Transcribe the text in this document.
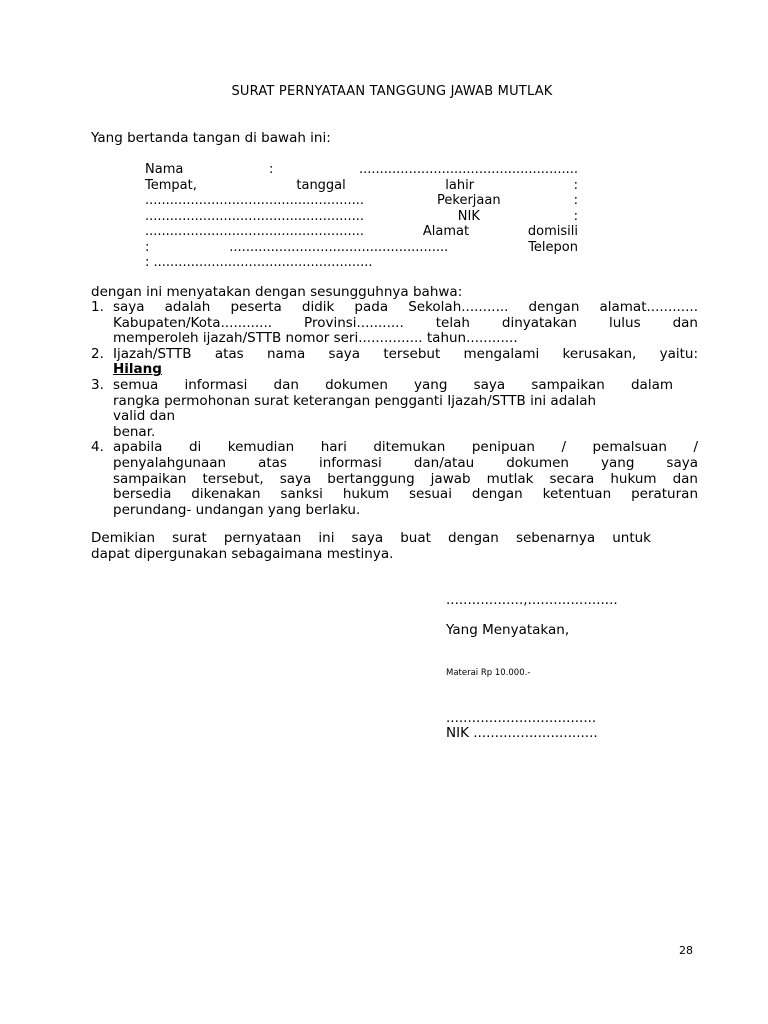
SURAT PERNYATAAN TANGGUNG JAWAB MUTLAK
Yang bertanda tangan di bawah ini:
Nama : .....................................................
Tempat, tanggal lahir :
..................................................... Pekerjaan :
..................................................... NIK :
..................................................... Alamat domisili
: ..................................................... Telepon
: .....................................................
dengan ini menyatakan dengan sesungguhnya bahwa:
1. saya adalah peserta didik pada Sekolah........... dengan alamat............
Kabupaten/Kota............ Provinsi........... telah dinyatakan lulus dan
memperoleh ijazah/STTB nomor seri............... tahun............
2. Ijazah/STTB atas nama saya tersebut mengalami kerusakan, yaitu:
Hilang
3. semua informasi dan dokumen yang saya sampaikan dalam
rangka permohonan surat keterangan pengganti Ijazah/STTB ini adalah
valid dan
benar.
4. apabila di kemudian hari ditemukan penipuan / pemalsuan /
penyalahgunaan atas informasi dan/atau dokumen yang saya
sampaikan tersebut, saya bertanggung jawab mutlak secara hukum dan
bersedia dikenakan sanksi hukum sesuai dengan ketentuan peraturan
perundang- undangan yang berlaku.
Demikian surat pernyataan ini saya buat dengan sebenarnya untuk
dapat dipergunakan sebagaimana mestinya.
..................,.....................
Yang Menyatakan,
Materai Rp 10.000.-
...................................
NIK .............................
28
